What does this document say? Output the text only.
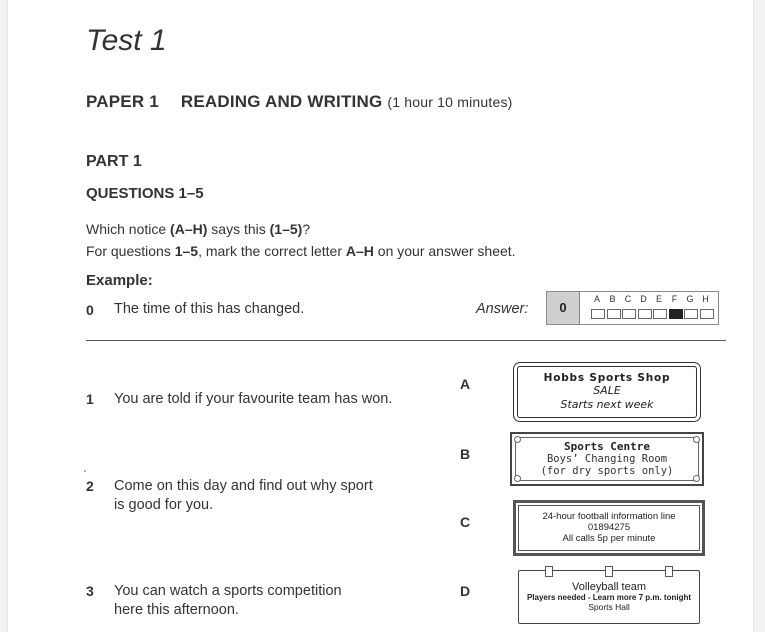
Test 1
PAPER 1 READING AND WRITING (1 hour 10 minutes)
PART 1
QUESTIONS 1–5
Which notice (A–H) says this (1–5)?
For questions 1–5, mark the correct letter A–H on your answer sheet.
Example:
0 The time of this has changed.	Answer:	0
A	B	C	D	E	F	G H
1 You are told if your favourite team has won.
2 Come on this day and find out why sport is good for you.
3 You can watch a sports competition here this afternoon.
A
B
C
D
Hobbs Sports Shop
SALE
Starts next week
Sports Centre
Boys’ Changing Room
(for dry sports only)
24-hour football information line
01894275
All calls 5p per minute
Volleyball team
Players needed - Learn more 7 p.m. tonight
Sports Hall
